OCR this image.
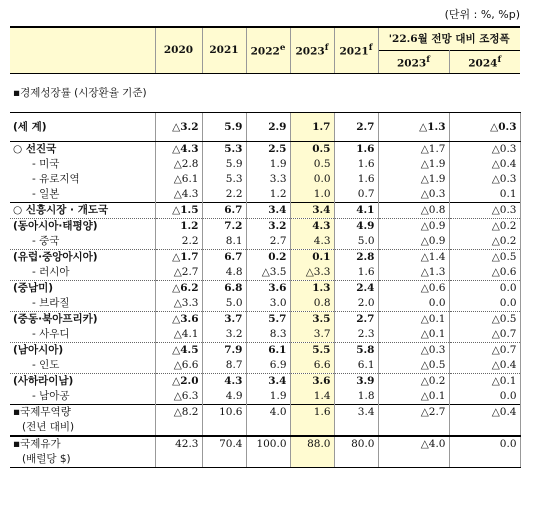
(단위 : %, %p)
	2020	2021	2022e	2023$^f$	2021$^f$	'22.6월 전망 대비 조정폭	
						2023$^f$	2024$^f$
▪경제성장률 (시장환율 기준)							
(세 계)	△3.2	5.9	2.9	1.7	2.7	△1.3	△0.3
○ 선진국	△4.3	5.3	2.5	0.5	1.6	△1.7	△0.3
- 미국	△2.8	5.9	1.9	0.5	1.6	△1.9	△0.4
- 유로지역	△6.1	5.3	3.3	0.0	1.6	△1.9	△0.3
- 일본	△4.3	2.2	1.2	1.0	0.7	△0.3	0.1
○ 신흥시장 · 개도국	△1.5	6.7	3.4	3.4	4.1	△0.8	△0.3
(동아시아·태평양)	1.2	7.2	3.2	4.3	4.9	△0.9	△0.2
- 중국	2.2	8.1	2.7	4.3	5.0	△0.9	△0.2
(유럽·중앙아시아)	△1.7	6.7	0.2	0.1	2.8	△1.4	△0.5
- 러시아	△2.7	4.8	△3.5	△3.3	1.6	△1.3	△0.6
(중남미)	△6.2	6.8	3.6	1.3	2.4	△0.6	0.0
- 브라질	△3.3	5.0	3.0	0.8	2.0	0.0	0.0
(중동·북아프리카)	△3.6	3.7	5.7	3.5	2.7	△0.1	△0.5
- 사우디	△4.1	3.2	8.3	3.7	2.3	△0.1	△0.7
(남아시아)	△4.5	7.9	6.1	5.5	5.8	△0.3	△0.7
- 인도	△6.6	8.7	6.9	6.6	6.1	△0.5	△0.4
(사하라이남)	△2.0	4.3	3.4	3.6	3.9	△0.2	△0.1
- 남아공	△6.3	4.9	1.9	1.4	1.8	△0.1	0.0
▪국제무역량	△8.2	10.6	4.0	1.6	3.4	△2.7	△0.4
(전년 대비)							
▪국제유가	42.3	70.4	100.0	88.0	80.0	△4.0	0.0
(배럴당 $)							
